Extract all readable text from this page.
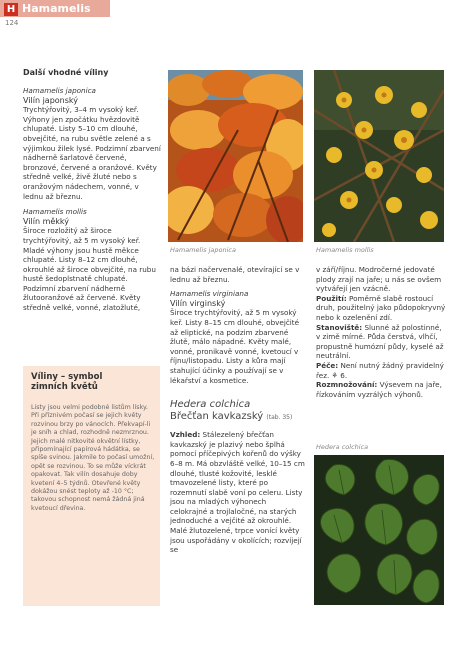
H Hamamelis
124
Další vhodné víliny

Hamamelis japonica
Vilín japonský
Trychtýřovitý, 3–4 m vysoký keř. Výhony jen zpočátku hvězdovitě chlupaté. Listy 5–10 cm dlouhé, obvejčité, na rubu světle zelené a s výjimkou žilek lysé. Podzimní zbarvení nádherně šarlatově červené, bronzové, červené a oranžové. Květy středně velké, živě žluté nebo s oranžovým nádechem, vonné, v lednu až březnu.

Hamamelis mollis
Vilín měkký
Široce rozložitý až široce trychtýřovitý, až 5 m vysoký keř. Mladé výhony jsou hustě měkce chlupaté. Listy 8–12 cm dlouhé, okrouhlé až široce obvejčité, na rubu hustě šedoplstnatě chlupaté. Podzimní zbarvení nádherně žlutooranžové až červené. Květy středně velké, vonné, zlatožluté,

Hamamelis japonica	Hamamelis mollis

na bázi načervenalé, otevírající se v lednu až březnu.

Hamamelis virginiana
Vilín virginský
Široce trychtýřovitý, až 5 m vysoký keř. Listy 8–15 cm dlouhé, obvejčité až eliptické, na podzim zbarvené žlutě, málo nápadné. Květy malé, vonné, pronikavě vonné, kvetoucí v říjnu/listopadu. Listy a kůra mají stahující účinky a používají se v lékařství a kosmetice.

Hedera colchica
Břečťan kavkazský (tab. 35)

Vzhled: Stálezelený břečťan kavkazský je plazivý nebo šplhá pomocí příčepivých kořenů do výšky 6–8 m. Má obzvláště velké, 10–15 cm dlouhé, tlusté kožovité, lesklé tmavozelené listy, které po rozemnutí slabě voní po celeru. Listy jsou na mladých výhonech celokrajné a trojlaločné, na starých jednoduché a vejčité až okrouhlé. Malé žlutozelené, trpce vonící květy jsou uspořádány v okolících; rozvíjejí se

v září/říjnu. Modročerné jedovaté plody zrají na jaře; u nás se ovšem vytvářejí jen vzácně.
Použití: Poměrně slabě rostoucí druh, použitelný jako půdopokryvný nebo k ozelenění zdí.
Stanoviště: Slunné až polostinné, v zimě mírné. Půda čerstvá, vlhčí, propustně humózní půdy, kyselé až neutrální.
Péče: Není nutný žádný pravidelný řez. ⚘ 6.
Rozmnožování: Výsevem na jaře, řízkováním vyzrálých výhonů.

Hedera colchica
Víliny – symbol zimních květů
Listy jsou velmi podobné listům lísky. Při příznivém počasí se jejich květy rozvinou brzy po vánocích. Překvapí-li je sníh a chlad, rozhodně nezmrznou. Jejich malé nitkovité okvětní lístky, připomínající papírová hádátka, se spíše svinou. Jakmile to počasí umožní, opět se rozvinou. To se může víckrát opakovat. Tak vilín dosahuje doby kvetení 4–5 týdnů. Otevřené květy dokážou snést teploty až -10 °C; takovou schopnost nemá žádná jiná kvetoucí dřevina.
